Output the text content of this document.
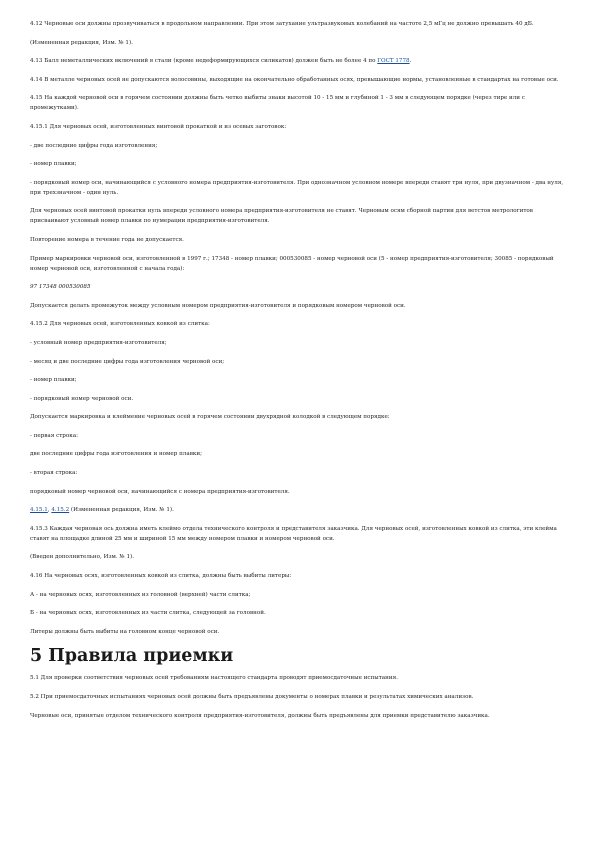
4.12 Черновые оси должны прозвучиваться в продольном направлении. При этом затухание ультразвуковых колебаний на частоте 2,5 мГц не должно превышать 40 дБ.

(Измененная редакция, Изм. № 1).

4.13 Балл неметаллических включений в стали (кроме недеформирующихся силикатов) должен быть не более 4 по ГОСТ 1778.

4.14 В металле черновых осей не допускаются волосовины, выходящие на окончательно обработанных осях, превышающие нормы, установленные в стандартах на готовые оси.

4.15 На каждой черновой оси в горячем состоянии должны быть четко выбиты знаки высотой 10 - 15 мм и глубиной 1 - 3 мм в следующем порядке (через тире или с промежутками).

4.15.1 Для черновых осей, изготовленных винтовой прокаткой и из осевых заготовок:

- две последние цифры года изготовления;

- номер плавки;

- порядковый номер оси, начинающийся с условного номера предприятия-изготовителя. При однозначном условном номере впереди ставят три нуля, при двузначном - два нуля, при трехзначном - один нуль.

Для черновых осей винтовой прокатки нуль впереди условного номера предприятия-изготовителя не ставят. Черновым осям сборной партии для ветстов метрологитов присваивают условный номер плавки по нумерации предприятия-изготовителя.

Повторение номера в течение года не допускается.

Пример маркировки черновой оси, изготовленной в 1997 г.; 17348 - номер плавки; 000530085 - номер черновой оси (5 - номер предприятия-изготовителя; 30085 - порядковый номер черновой оси, изготовленной с начала года):

97 17348 000530085

Допускается делать промежуток между условным номером предприятия-изготовителя и порядковым номером черновой оси.

4.15.2 Для черновых осей, изготовленных ковкой из слитка:

- условный номер предприятия-изготовителя;

- месяц и две последние цифры года изготовления черновой оси;

- номер плавки;

- порядковый номер черновой оси.

Допускается маркировка и клеймение черновых осей в горячем состоянии двухрядной колодкой в следующем порядке:

- первая строка:

две последние цифры года изготовления и номер плавки;

- вторая строка:

порядковый номер черновой оси, начинающийся с номера предприятия-изготовителя.

4.15.1, 4.15.2 (Измененная редакция, Изм. № 1).

4.15.3 Каждая черновая ось должна иметь клеймо отдела технического контроля и представителя заказчика. Для черновых осей, изготовленных ковкой из слитка, эти клейма ставят на площадке длиной 25 мм и шириной 15 мм между номером плавки и номером черновой оси.

(Введен дополнительно, Изм. № 1).

4.16 На черновых осях, изготовленных ковкой из слитка, должны быть выбиты литеры:

А - на черновых осях, изготовленных из головной (верхней) части слитка;

Б - на черновых осях, изготовленных из части слитка, следующей за головной.

Литеры должны быть выбиты на головном конце черновой оси.

5 Правила приемки

5.1 Для проверки соответствия черновых осей требованиям настоящего стандарта проводят приемосдаточные испытания.

5.2 При приемосдаточных испытаниях черновых осей должны быть предъявлены документы о номерах плавки и результатах химических анализов.

Черновые оси, принятые отделом технического контроля предприятия-изготовителя, должны быть предъявлены для приемки представителю заказчика.
